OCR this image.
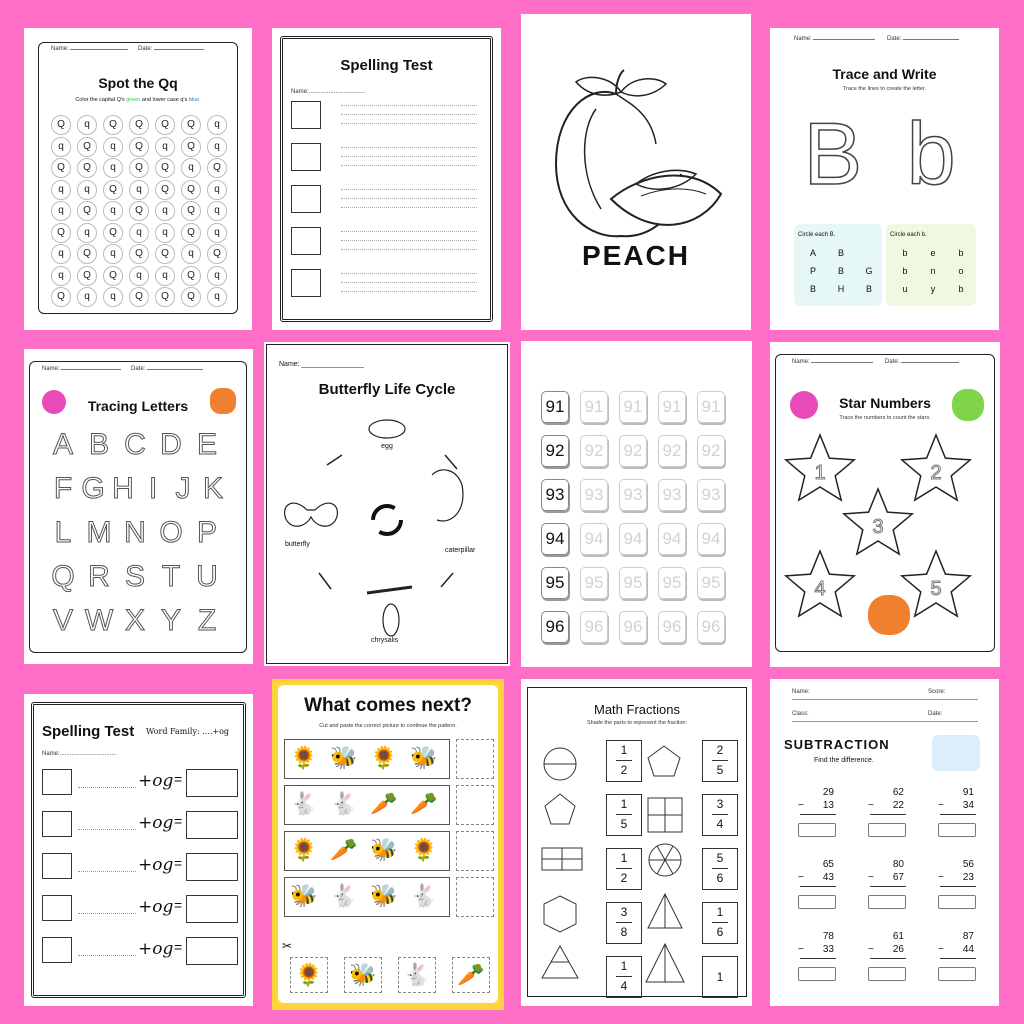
Name:	Date:
Spot the Qq
Color the capital Q's green and lower case q's blue.
Q	q	Q	Q	Q	Q	q
q	Q	q	Q	q	Q	q
Q	Q	q	Q	Q	q	Q
q	q	Q	q	Q	Q	q
q	Q	q	Q	q	Q	q
Q	q	Q	q	q	Q	q
q	Q	q	Q	Q	q	Q
q	Q	Q	q	q	Q	q
Q	q	q	Q	Q	Q	q
Spelling Test
Name:..................................
PEACH
Name:	Date:
Trace and Write
Trace the lines to create the letter.
B b
Circle each B.
A	B
P	B	G
B	H	B
Circle each b.
b	e	b
b	n	o
u	y	b
Name:	Date:
Tracing Letters
A B C D E
F G H I J K
L M N O P
Q R S T U
V W X Y Z
Name: ________________
Butterfly Life Cycle
egg
caterpillar
chrysalis
butterfly
91 91 91 91 91
92 92 92 92 92
93 93 93 93 93
94 94 94 94 94
95 95 95 95 95
96 96 96 96 96
Name:	Date:
Star Numbers
Trace the numbers to count the stars.
1	2
3
4	5
Spelling Test Word Family: ....+og
Name:..................................
+og =
+og =
+og =
+og =
+og =
What comes next?
Cut and paste the correct picture to continue the pattern.
🌻 🐝 🌻 🐝
🐇 🐇 🥕 🥕
🌻 🥕 🐝 🌻
🐝 🐇 🐝 🐇
✂
🌻 🐝 🐇 🥕
Math Fractions
Shade the parts to represent the fraction:
1
2
1
5
1
2
3
8
1
4
2
5
3
4
5
6
1
6
1
Name:	Score:
Class:	Date:
SUBTRACTION
Find the difference.
29
−	13
62
−	22
91
−	34
65
−	43
80
−	67
56
−	23
78
−	33
61
−	26
87
−	44
